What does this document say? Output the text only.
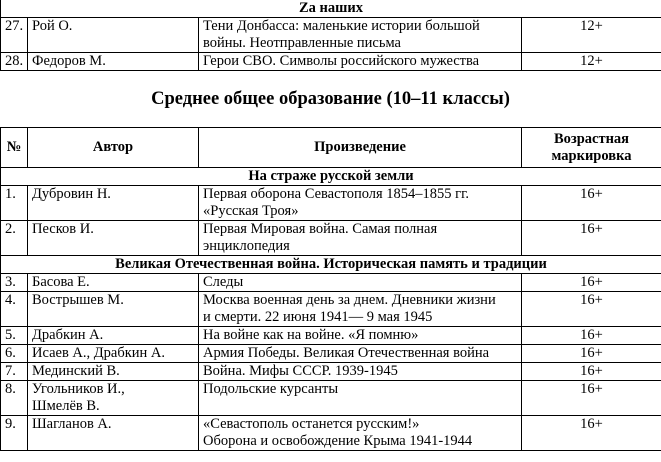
Zа наших			
27.	Рой О.	Тени Донбасса: маленькие истории большой
войны. Неотправленные письма	12+
28.	Федоров М.	Герои СВО. Символы российского мужества	12+
Среднее общее образование (10–11 классы)
№	Автор	Произведение	Возрастная
маркировка
На страже русской земли			
1.	Дубровин Н.	Первая оборона Севастополя 1854–1855 гг.
«Русская Троя»	16+
2.	Песков И.	Первая Мировая война. Самая полная
энциклопедия	16+
Великая Отечественная война. Историческая память и традиции			
3.	Басова Е.	Следы	16+
4.	Вострышев М.	Москва военная день за днем. Дневники жизни
и смерти. 22 июня 1941— 9 мая 1945	16+
5.	Драбкин А.	На войне как на войне. «Я помню»	16+
6.	Исаев А., Драбкин А.	Армия Победы. Великая Отечественная война	16+
7.	Мединский В.	Война. Мифы СССР. 1939-1945	16+
8.	Угольников И.,
Шмелёв В.	Подольские курсанты	16+
9.	Шагланов А.	«Севастополь останется русским!»
Оборона и освобождение Крыма 1941-1944	16+
